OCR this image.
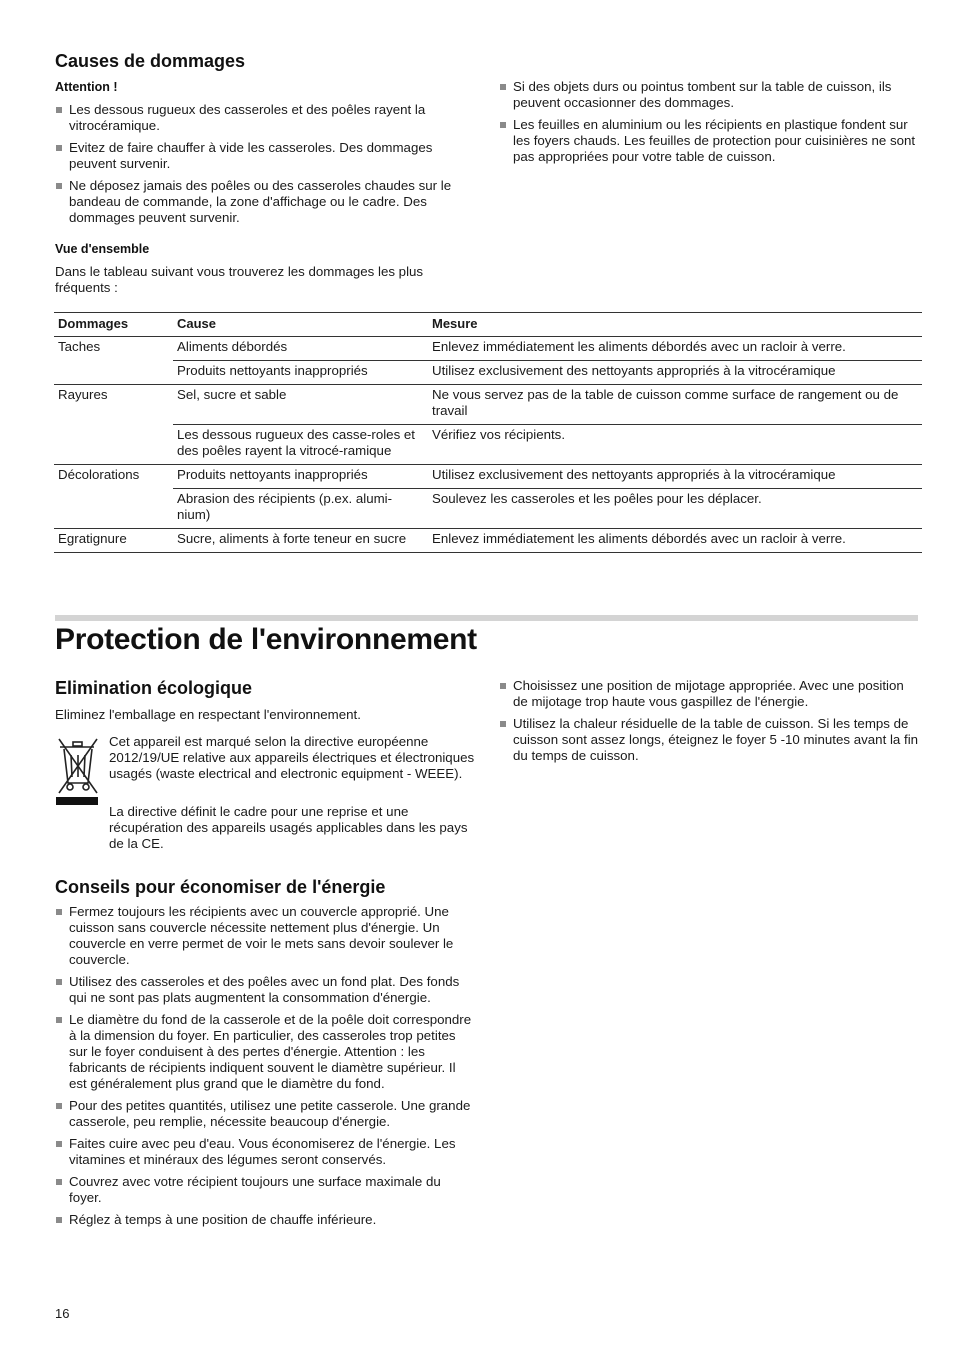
Causes de dommages
Attention !
Les dessous rugueux des casseroles et des poêles rayent la vitrocéramique.
Evitez de faire chauffer à vide les casseroles. Des dommages peuvent survenir.
Ne déposez jamais des poêles ou des casseroles chaudes sur le bandeau de commande, la zone d'affichage ou le cadre. Des dommages peuvent survenir.
Si des objets durs ou pointus tombent sur la table de cuisson, ils peuvent occasionner des dommages.
Les feuilles en aluminium ou les récipients en plastique fondent sur les foyers chauds. Les feuilles de protection pour cuisinières ne sont pas appropriées pour votre table de cuisson.
Vue d'ensemble

Dans le tableau suivant vous trouverez les dommages les plus fréquents :

Dommages	Cause	Mesure
Taches	Aliments débordés	Enlevez immédiatement les aliments débordés avec un racloir à verre.
	Produits nettoyants inappropriés	Utilisez exclusivement des nettoyants appropriés à la vitrocéramique
Rayures	Sel, sucre et sable	Ne vous servez pas de la table de cuisson comme surface de rangement ou de travail
	Les dessous rugueux des casse-roles et des poêles rayent la vitrocé-ramique	Vérifiez vos récipients.
Décolorations	Produits nettoyants inappropriés	Utilisez exclusivement des nettoyants appropriés à la vitrocéramique
	Abrasion des récipients (p.ex. alumi-nium)	Soulevez les casseroles et les poêles pour les déplacer.
Egratignure	Sucre, aliments à forte teneur en sucre	Enlevez immédiatement les aliments débordés avec un racloir à verre.
Protection de l'environnement
Elimination écologique

Eliminez l'emballage en respectant l'environnement.

Cet appareil est marqué selon la directive européenne 2012/19/UE relative aux appareils électriques et électroniques usagés (waste electrical and electronic equipment - WEEE).

La directive définit le cadre pour une reprise et une récupération des appareils usagés applicables dans les pays de la CE.

Conseils pour économiser de l'énergie
Fermez toujours les récipients avec un couvercle approprié. Une cuisson sans couvercle nécessite nettement plus d'énergie. Un couvercle en verre permet de voir le mets sans devoir soulever le couvercle.
Utilisez des casseroles et des poêles avec un fond plat. Des fonds qui ne sont pas plats augmentent la consommation d'énergie.
Le diamètre du fond de la casserole et de la poêle doit correspondre à la dimension du foyer. En particulier, des casseroles trop petites sur le foyer conduisent à des pertes d'énergie. Attention : les fabricants de récipients indiquent souvent le diamètre supérieur. Il est généralement plus grand que le diamètre du fond.
Pour des petites quantités, utilisez une petite casserole. Une grande casserole, peu remplie, nécessite beaucoup d'énergie.
Faites cuire avec peu d'eau. Vous économiserez de l'énergie. Les vitamines et minéraux des légumes seront conservés.
Couvrez avec votre récipient toujours une surface maximale du foyer.
Réglez à temps à une position de chauffe inférieure.
Choisissez une position de mijotage appropriée. Avec une position de mijotage trop haute vous gaspillez de l'énergie.
Utilisez la chaleur résiduelle de la table de cuisson. Si les temps de cuisson sont assez longs, éteignez le foyer 5 -10 minutes avant la fin du temps de cuisson.
16
